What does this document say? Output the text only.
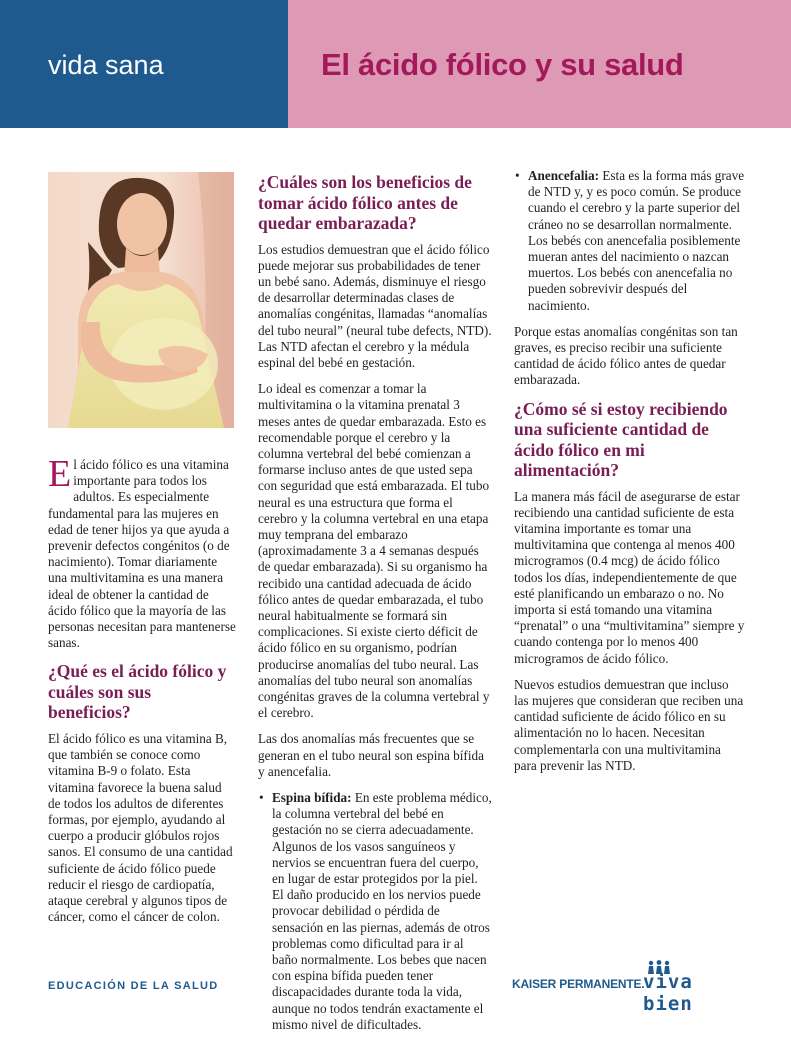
vida sana	El ácido fólico y su salud

El ácido fólico es una vitamina importante para todos los adultos. Es especialmente fundamental para las mujeres en edad de tener hijos ya que ayuda a prevenir defectos congénitos (o de nacimiento). Tomar diariamente una multivitamina es una manera ideal de obtener la cantidad de ácido fólico que la mayoría de las personas necesitan para mantenerse sanas.

¿Qué es el ácido fólico y cuáles son sus beneficios?

El ácido fólico es una vitamina B, que también se conoce como vitamina B-9 o folato. Esta vitamina favorece la buena salud de todos los adultos de diferentes formas, por ejemplo, ayudando al cuerpo a producir glóbulos rojos sanos. El consumo de una cantidad suficiente de ácido fólico puede reducir el riesgo de cardiopatía, ataque cerebral y algunos tipos de cáncer, como el cáncer de colon.

¿Cuáles son los beneficios de tomar ácido fólico antes de quedar embarazada?

Los estudios demuestran que el ácido fólico puede mejorar sus probabilidades de tener un bebé sano. Además, disminuye el riesgo de desarrollar determinadas clases de anomalías congénitas, llamadas “anomalías del tubo neural” (neural tube defects, NTD). Las NTD afectan el cerebro y la médula espinal del bebé en gestación.

Lo ideal es comenzar a tomar la multivitamina o la vitamina prenatal 3 meses antes de quedar embarazada. Esto es recomendable porque el cerebro y la columna vertebral del bebé comienzan a formarse incluso antes de que usted sepa con seguridad que está embarazada. El tubo neural es una estructura que forma el cerebro y la columna vertebral en una etapa muy temprana del embarazo (aproximadamente 3 a 4 semanas después de quedar embarazada). Si su organismo ha recibido una cantidad adecuada de ácido fólico antes de quedar embarazada, el tubo neural habitualmente se formará sin complicaciones. Si existe cierto déficit de ácido fólico en su organismo, podrían producirse anomalías del tubo neural. Las anomalías del tubo neural son anomalías congénitas graves de la columna vertebral y el cerebro.

Las dos anomalías más frecuentes que se generan en el tubo neural son espina bífida y anencefalia.

• Espina bífida: En este problema médico, la columna vertebral del bebé en gestación no se cierra adecuadamente. Algunos de los vasos sanguíneos y nervios se encuentran fuera del cuerpo, en lugar de estar protegidos por la piel. El daño producido en los nervios puede provocar debilidad o pérdida de sensación en las piernas, además de otros problemas como dificultad para ir al baño normalmente. Los bebes que nacen con espina bífida pueden tener discapacidades durante toda la vida, aunque no todos tendrán exactamente el mismo nivel de dificultades.
• Anencefalia: Esta es la forma más grave de NTD y, y es poco común. Se produce cuando el cerebro y la parte superior del cráneo no se desarrollan normalmente. Los bebés con anencefalia posiblemente mueran antes del nacimiento o nazcan muertos. Los bebés con anencefalia no pueden sobrevivir después del nacimiento.

Porque estas anomalías congénitas son tan graves, es preciso recibir una suficiente cantidad de ácido fólico antes de quedar embarazada.

¿Cómo sé si estoy recibiendo una suficiente cantidad de ácido fólico en mi alimentación?

La manera más fácil de asegurarse de estar recibiendo una cantidad suficiente de esta vitamina importante es tomar una multivitamina que contenga al menos 400 microgramos (0.4 mcg) de ácido fólico todos los días, independientemente de que esté planificando un embarazo o no. No importa si está tomando una vitamina “prenatal” o una “multivitamina” siempre y cuando contenga por lo menos 400 microgramos de ácido fólico.

Nuevos estudios demuestran que incluso las mujeres que consideran que reciben una cantidad suficiente de ácido fólico en su alimentación no lo hacen. Necesitan complementarla con una multivitamina para prevenir las NTD.

EDUCACIÓN DE LA SALUD	KAISER PERMANENTE.
viva bien
